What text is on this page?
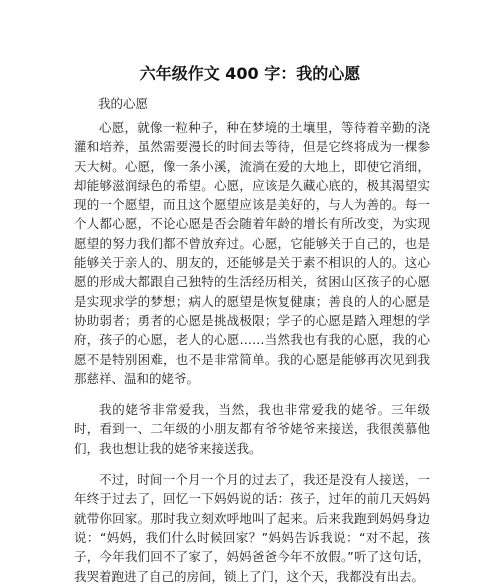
六年级作文 400 字：我的心愿
我的心愿

心愿，就像一粒种子，种在梦境的土壤里，等待着辛勤的浇灌和培养，虽然需要漫长的时间去等待，但是它终将成为一棵参天大树。心愿，像一条小溪，流淌在爱的大地上，即使它消细，却能够滋润绿色的希望。心愿，应该是久藏心底的，极其渴望实现的一个愿望，而且这个愿望应该是美好的，与人为善的。每一个人都心愿，不论心愿是否会随着年龄的增长有所改变，为实现愿望的努力我们都不曾放弃过。心愿，它能够关于自己的，也是能够关于亲人的、朋友的，还能够是关于素不相识的人的。这心愿的形成大都跟自己独特的生活经历相关，贫困山区孩子的心愿是实现求学的梦想；病人的愿望是恢复健康；善良的人的心愿是协助弱者；勇者的心愿是挑战极限；学子的心愿是踏入理想的学府，孩子的心愿，老人的心愿……当然我也有我的心愿，我的心愿不是特别困难，也不是非常简单。我的心愿是能够再次见到我那慈祥、温和的姥爷。

我的姥爷非常爱我，当然，我也非常爱我的姥爷。三年级时，看到一、二年级的小朋友都有爷爷姥爷来接送，我很羡慕他们，我也想让我的姥爷来接送我。

不过，时间一个月一个月的过去了，我还是没有人接送，一年终于过去了，回忆一下妈妈说的话：孩子，过年的前几天妈妈就带你回家。那时我立刻欢呼地叫了起来。后来我跑到妈妈身边说：“妈妈，我们什么时候回家？”妈妈告诉我说：“对不起，孩子，今年我们回不了家了，妈妈爸爸今年不放假。”听了这句话，我哭着跑进了自己的房间，锁上了门，这个天，我都没有出去。
